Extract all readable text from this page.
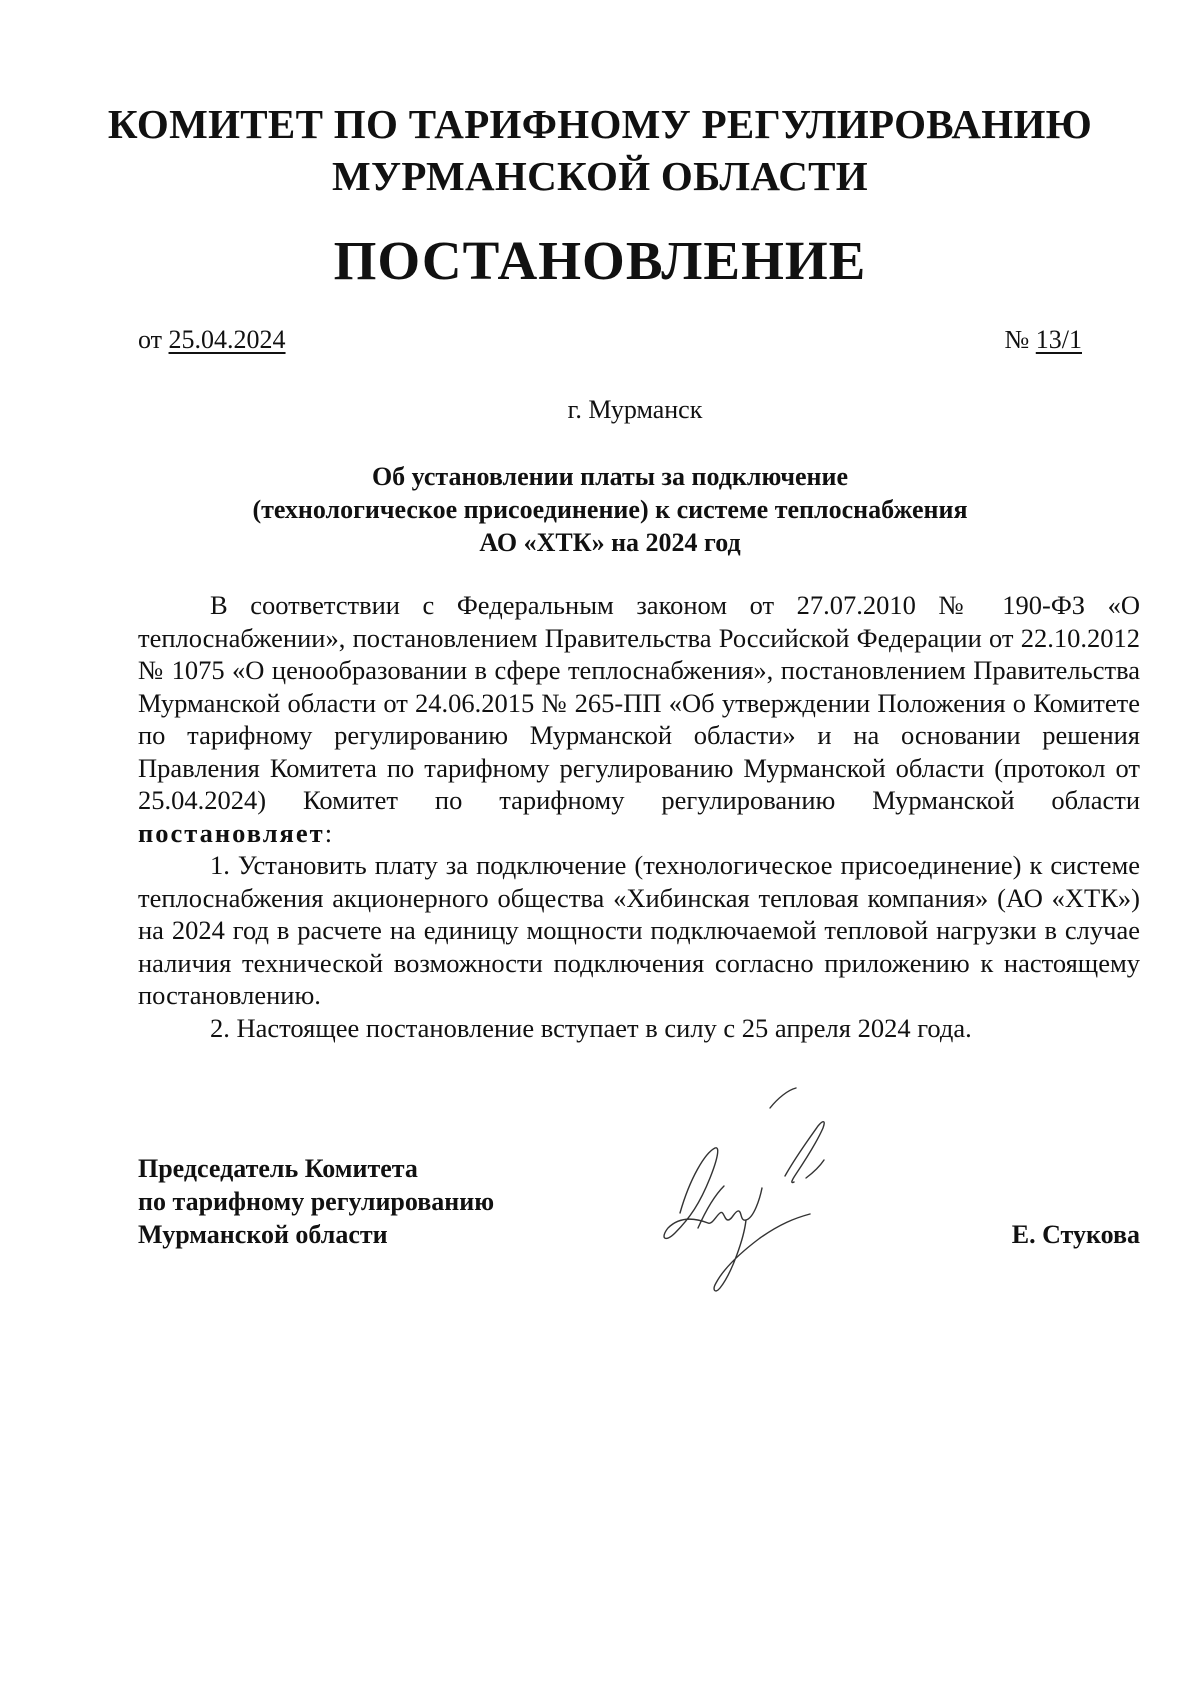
КОМИТЕТ ПО ТАРИФНОМУ РЕГУЛИРОВАНИЮ
МУРМАНСКОЙ ОБЛАСТИ
ПОСТАНОВЛЕНИЕ
от 25.04.2024	№ 13/1
г. Мурманск
Об установлении платы за подключение
(технологическое присоединение) к системе теплоснабжения
АО «ХТК» на 2024 год

В соответствии с Федеральным законом от 27.07.2010 № 190-ФЗ «О теплоснабжении», постановлением Правительства Российской Федерации от 22.10.2012 № 1075 «О ценообразовании в сфере теплоснабжения», постановлением Правительства Мурманской области от 24.06.2015 № 265-ПП «Об утверждении Положения о Комитете по тарифному регулированию Мурманской области» и на основании решения Правления Комитета по тарифному регулированию Мурманской области (протокол от 25.04.2024) Комитет по тарифному регулированию Мурманской области постановляет:

1. Установить плату за подключение (технологическое присоединение) к системе теплоснабжения акционерного общества «Хибинская тепловая компания» (АО «ХТК») на 2024 год в расчете на единицу мощности подключаемой тепловой нагрузки в случае наличия технической возможности подключения согласно приложению к настоящему постановлению.

2. Настоящее постановление вступает в силу с 25 апреля 2024 года.

Председатель Комитета
по тарифному регулированию
Мурманской области	Е. Стукова
